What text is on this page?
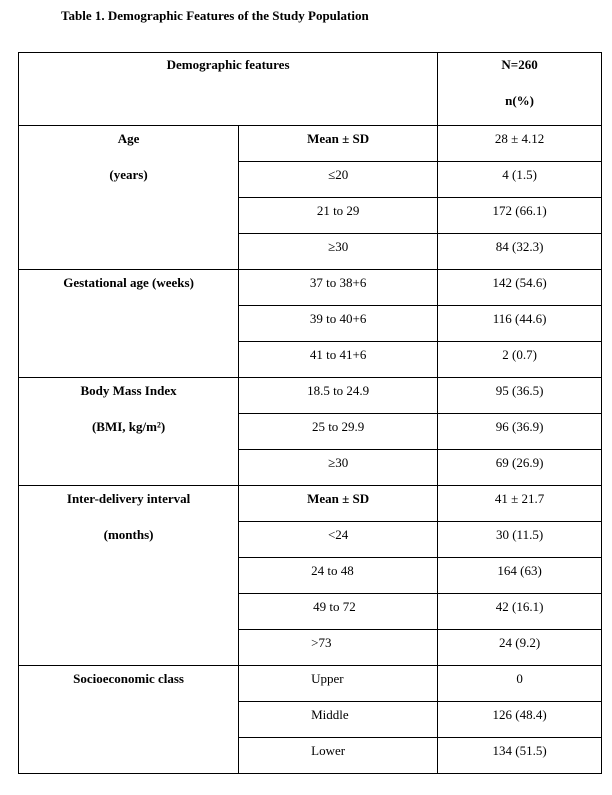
Table 1. Demographic Features of the Study Population
Demographic features		N=260
n(%)

Age
(years)	Mean ± SD	28 ± 4.12

	≤20	4 (1.5)

	21 to 29	172 (66.1)

	≥30	84 (32.3)

Gestational age (weeks)	37 to 38+6	142 (54.6)

	39 to 40+6	116 (44.6)

	41 to 41+6	2 (0.7)

Body Mass Index
(BMI, kg/m²)	18.5 to 24.9	95 (36.5)

	25 to 29.9	96 (36.9)

	≥30	69 (26.9)

Inter-delivery interval
(months)	Mean ± SD	41 ± 21.7

	<24	30 (11.5)

	24 to 48	164 (63)

	49 to 72	42 (16.1)

	>73	24 (9.2)

Socioeconomic class	Upper	0

	Middle	126 (48.4)

	Lower	134 (51.5)
